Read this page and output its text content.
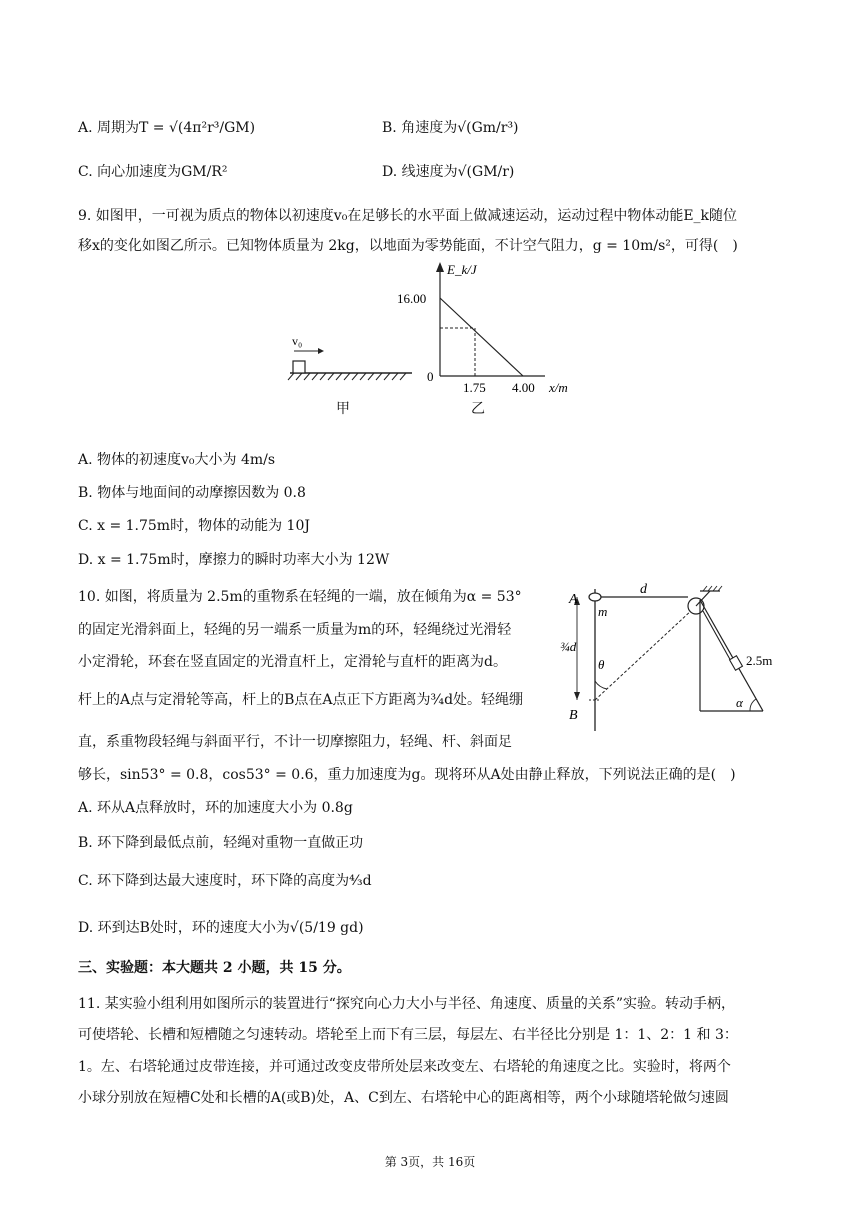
A. 周期为T = √(4π²r³/GM)	B. 角速度为√(Gm/r³)
C. 向心加速度为GM/R²	D. 线速度为√(GM/r)
9. 如图甲，一可视为质点的物体以初速度v₀在足够长的水平面上做减速运动，运动过程中物体动能E_k随位
移x的变化如图乙所示。已知物体质量为 2kg，以地面为零势能面，不计空气阻力，g = 10m/s²，可得(　)
v₀
乙
甲
E_k/J
16.00
0
1.75 4.00 x/m
乙
A. 物体的初速度v₀大小为 4m/s
B. 物体与地面间的动摩擦因数为 0.8
C. x = 1.75m时，物体的动能为 10J
D. x = 1.75m时，摩擦力的瞬时功率大小为 12W
10. 如图，将质量为 2.5m的重物系在轻绳的一端，放在倾角为α = 53°
的固定光滑斜面上，轻绳的另一端系一质量为m的环，轻绳绕过光滑轻
小定滑轮，环套在竖直固定的光滑直杆上，定滑轮与直杆的距离为d。
杆上的A点与定滑轮等高，杆上的B点在A点正下方距离为¾d处。轻绳绷
直，系重物段轻绳与斜面平行，不计一切摩擦阻力，轻绳、杆、斜面足
够长，sin53° = 0.8，cos53° = 0.6，重力加速度为g。现将环从A处由静止释放，下列说法正确的是(　)
A
m
d
¾d
θ
B
2.5m
α
A. 环从A点释放时，环的加速度大小为 0.8g
B. 环下降到最低点前，轻绳对重物一直做正功
C. 环下降到达最大速度时，环下降的高度为⁴⁄₃d
D. 环到达B处时，环的速度大小为√(5/19 gd)
三、实验题：本大题共 2 小题，共 15 分。
11. 某实验小组利用如图所示的装置进行“探究向心力大小与半径、角速度、质量的关系”实验。转动手柄，
可使塔轮、长槽和短槽随之匀速转动。塔轮至上而下有三层，每层左、右半径比分别是 1：1、2：1 和 3：
1。左、右塔轮通过皮带连接，并可通过改变皮带所处层来改变左、右塔轮的角速度之比。实验时，将两个
小球分别放在短槽C处和长槽的A(或B)处，A、C到左、右塔轮中心的距离相等，两个小球随塔轮做匀速圆
第 3页，共 16页
